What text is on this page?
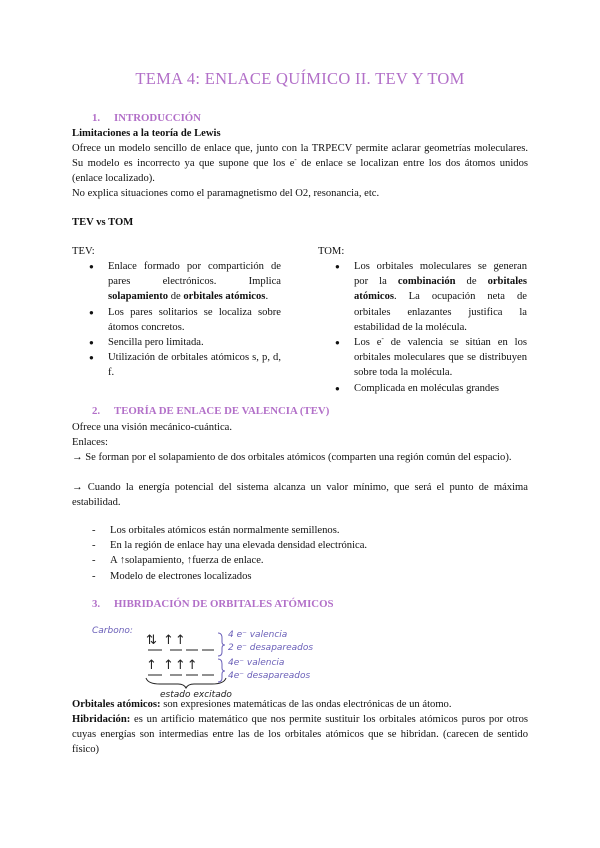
TEMA 4: ENLACE QUÍMICO II. TEV Y TOM
1. INTRODUCCIÓN
Limitaciones a la teoría de Lewis
Ofrece un modelo sencillo de enlace que, junto con la TRPECV permite aclarar geometrías moleculares. Su modelo es incorrecto ya que supone que los e- de enlace se localizan entre los dos átomos unidos (enlace localizado).
No explica situaciones como el paramagnetismo del O2, resonancia, etc.
TEV vs TOM
TEV:
● Enlace formado por compartición de pares electrónicos. Implica solapamiento de orbitales atómicos.
● Los pares solitarios se localiza sobre átomos concretos.
● Sencilla pero limitada.
● Utilización de orbitales atómicos s, p, d, f.
TOM:
● Los orbitales moleculares se generan por la combinación de orbitales atómicos. La ocupación neta de orbitales enlazantes justifica la estabilidad de la molécula.
● Los e- de valencia se sitúan en los orbitales moleculares que se distribuyen sobre toda la molécula.
● Complicada en moléculas grandes
2. TEORÍA DE ENLACE DE VALENCIA (TEV)
Ofrece una visión mecánico-cuántica.
Enlaces:
→ Se forman por el solapamiento de dos orbitales atómicos (comparten una región común del espacio).
→ Cuando la energía potencial del sistema alcanza un valor mínimo, que será el punto de máxima estabilidad.
- Los orbitales atómicos están normalmente semillenos.
- En la región de enlace hay una elevada densidad electrónica.
- A ↑solapamiento, ↑fuerza de enlace.
- Modelo de electrones localizados
3. HIBRIDACIÓN DE ORBITALES ATÓMICOS
Carbono:
⇅ ↑↑	4 e⁻ valencia
2 e⁻ desapareados
↑ ↑↑↑	4e⁻ valencia
4e⁻ desapareados
estado excitado
Orbitales atómicos: son expresiones matemáticas de las ondas electrónicas de un átomo.
Hibridación: es un artificio matemático que nos permite sustituir los orbitales atómicos puros por otros cuyas energías son intermedias entre las de los orbitales atómicos que se hibridan. (carecen de sentido físico)
